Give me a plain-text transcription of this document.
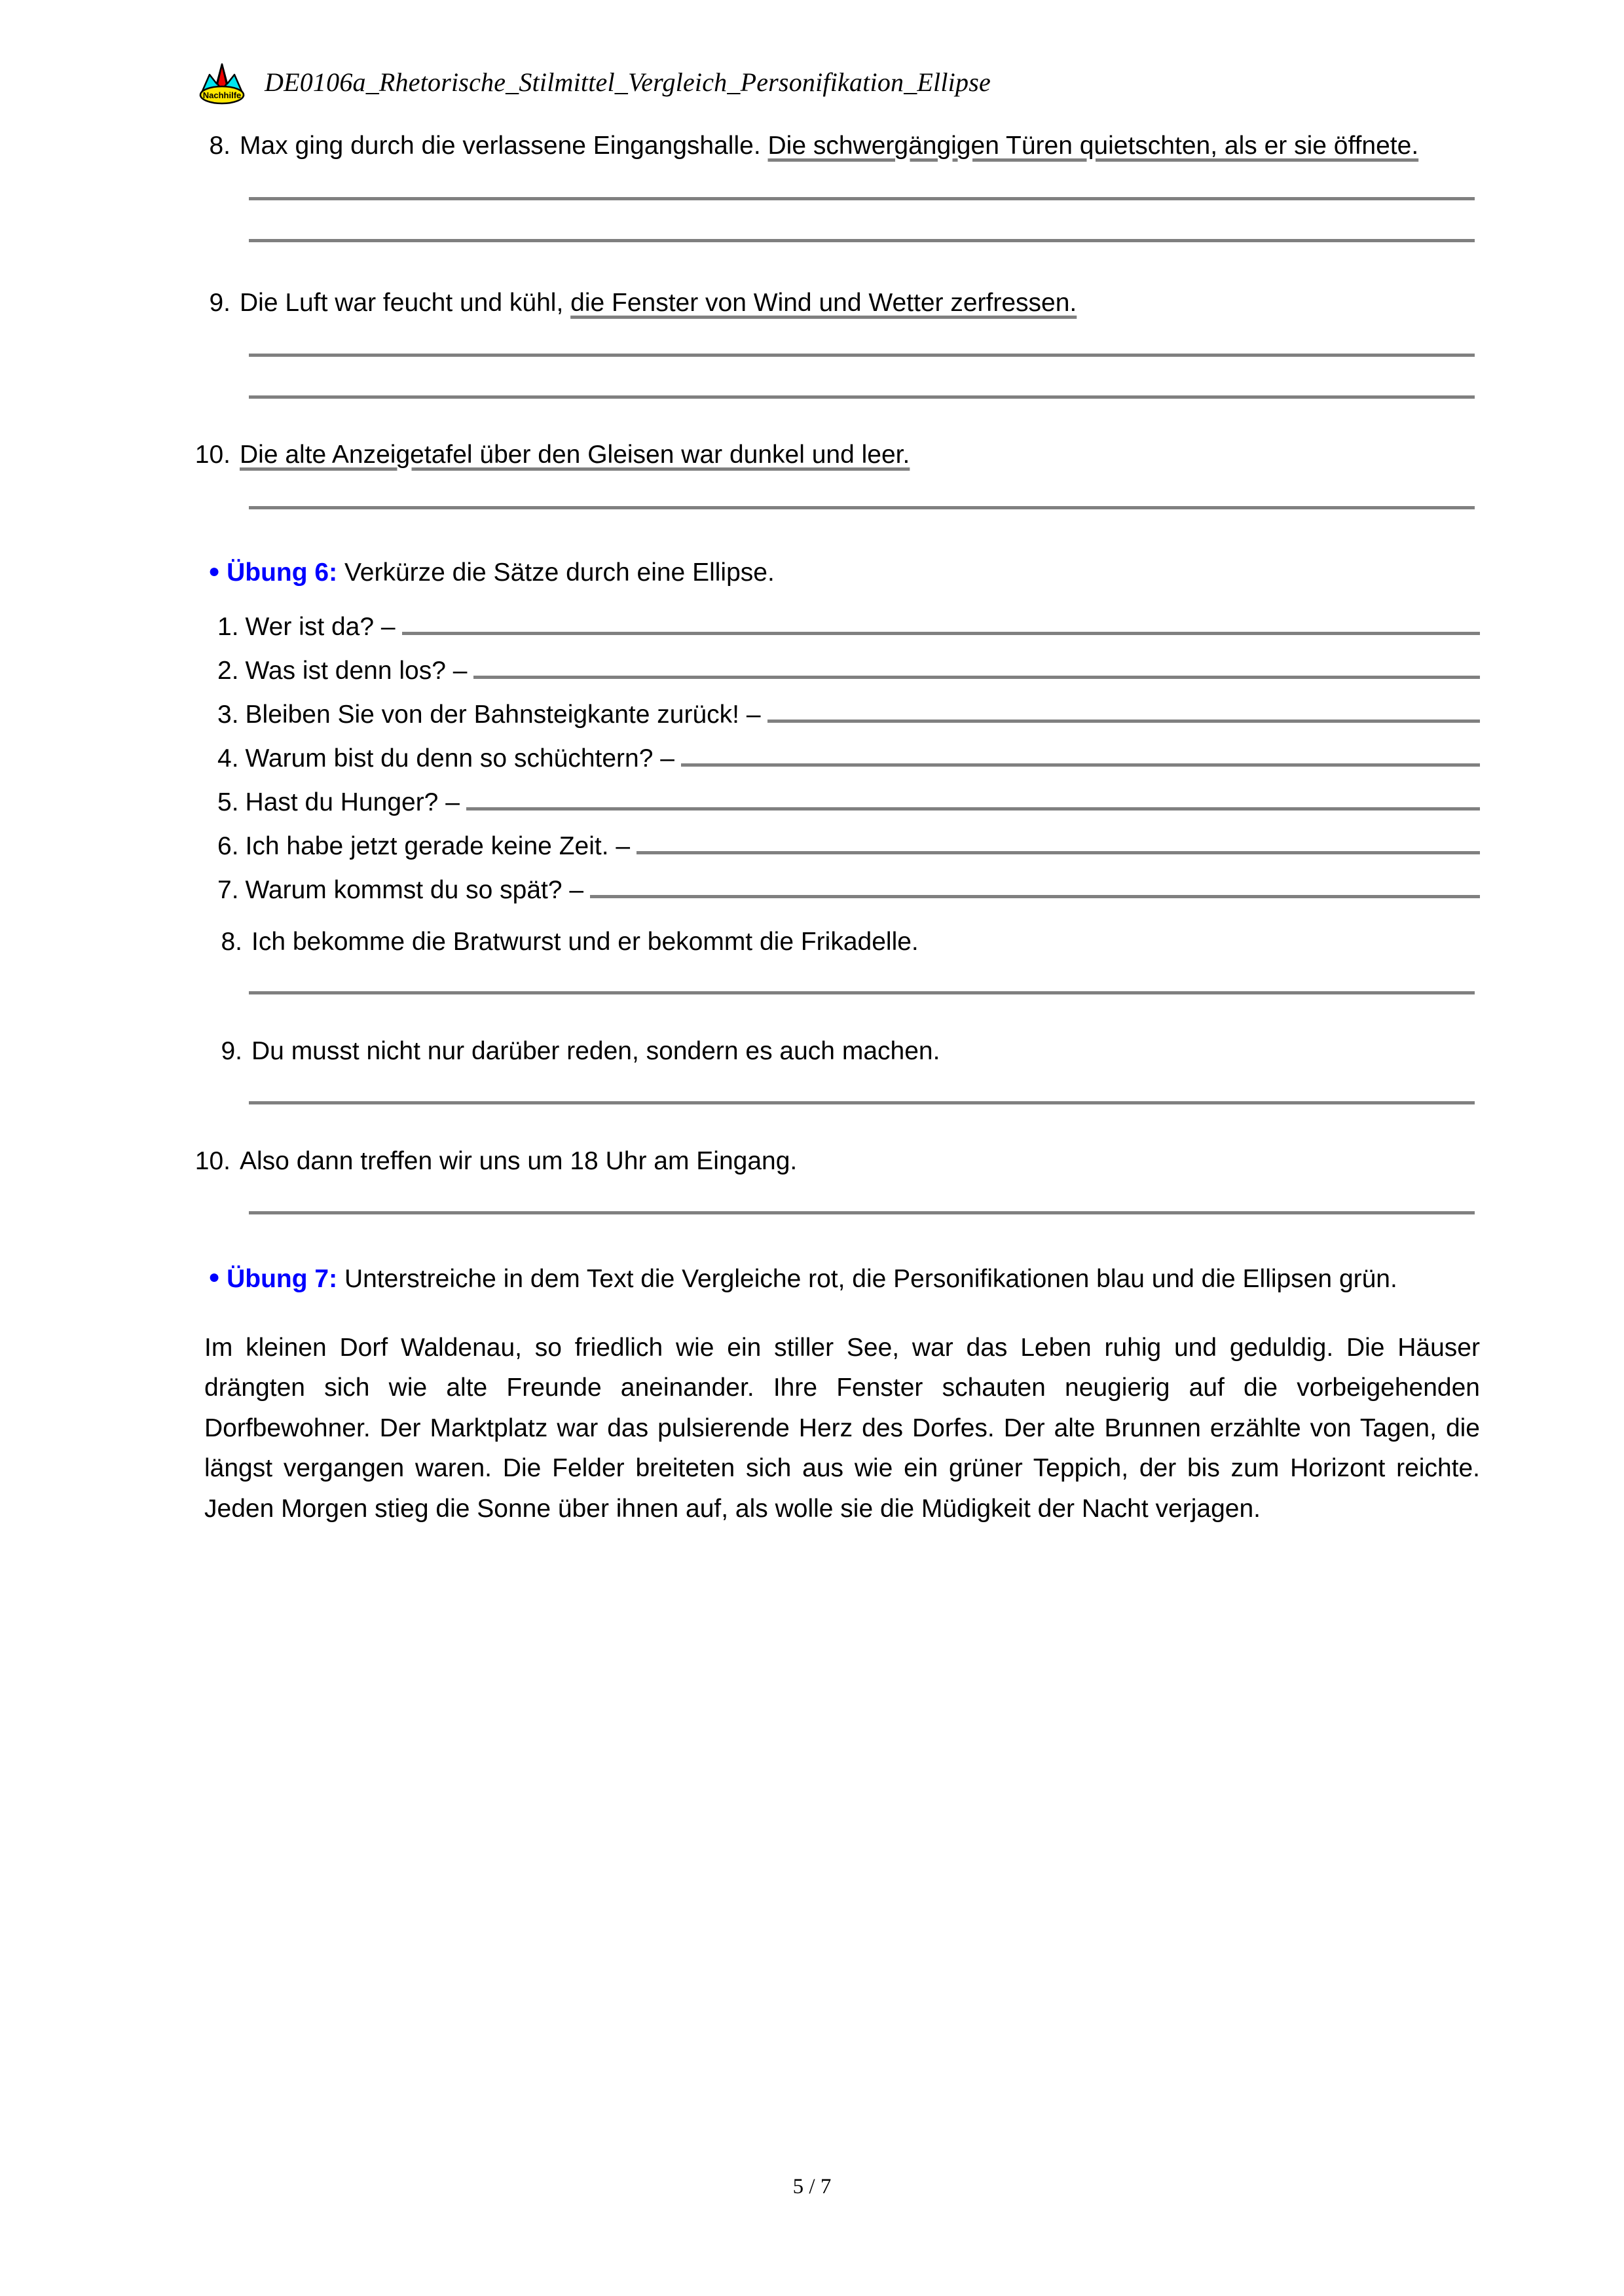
Nachhilfe DE0106a_Rhetorische_Stilmittel_Vergleich_Personifikation_Ellipse
8. Max ging durch die verlassene Eingangshalle. Die schwergängigen Türen quietschten, als er sie öffnete.
9. Die Luft war feucht und kühl, die Fenster von Wind und Wetter zerfressen.
10. Die alte Anzeigetafel über den Gleisen war dunkel und leer.
● Übung 6: Verkürze die Sätze durch eine Ellipse.
1. Wer ist da? –
2. Was ist denn los? –
3. Bleiben Sie von der Bahnsteigkante zurück! –
4. Warum bist du denn so schüchtern? –
5. Hast du Hunger? –
6. Ich habe jetzt gerade keine Zeit. –
7. Warum kommst du so spät? –
8. Ich bekomme die Bratwurst und er bekommt die Frikadelle.
9. Du musst nicht nur darüber reden, sondern es auch machen.
10. Also dann treffen wir uns um 18 Uhr am Eingang.
● Übung 7: Unterstreiche in dem Text die Vergleiche rot, die Personifikationen blau und die Ellipsen grün.
Im kleinen Dorf Waldenau, so friedlich wie ein stiller See, war das Leben ruhig und geduldig. Die Häuser drängten sich wie alte Freunde aneinander. Ihre Fenster schauten neugierig auf die vorbeigehenden Dorfbewohner. Der Marktplatz war das pulsierende Herz des Dorfes. Der alte Brunnen erzählte von Tagen, die längst vergangen waren. Die Felder breiteten sich aus wie ein grüner Teppich, der bis zum Horizont reichte. Jeden Morgen stieg die Sonne über ihnen auf, als wolle sie die Müdigkeit der Nacht verjagen.
5 / 7
